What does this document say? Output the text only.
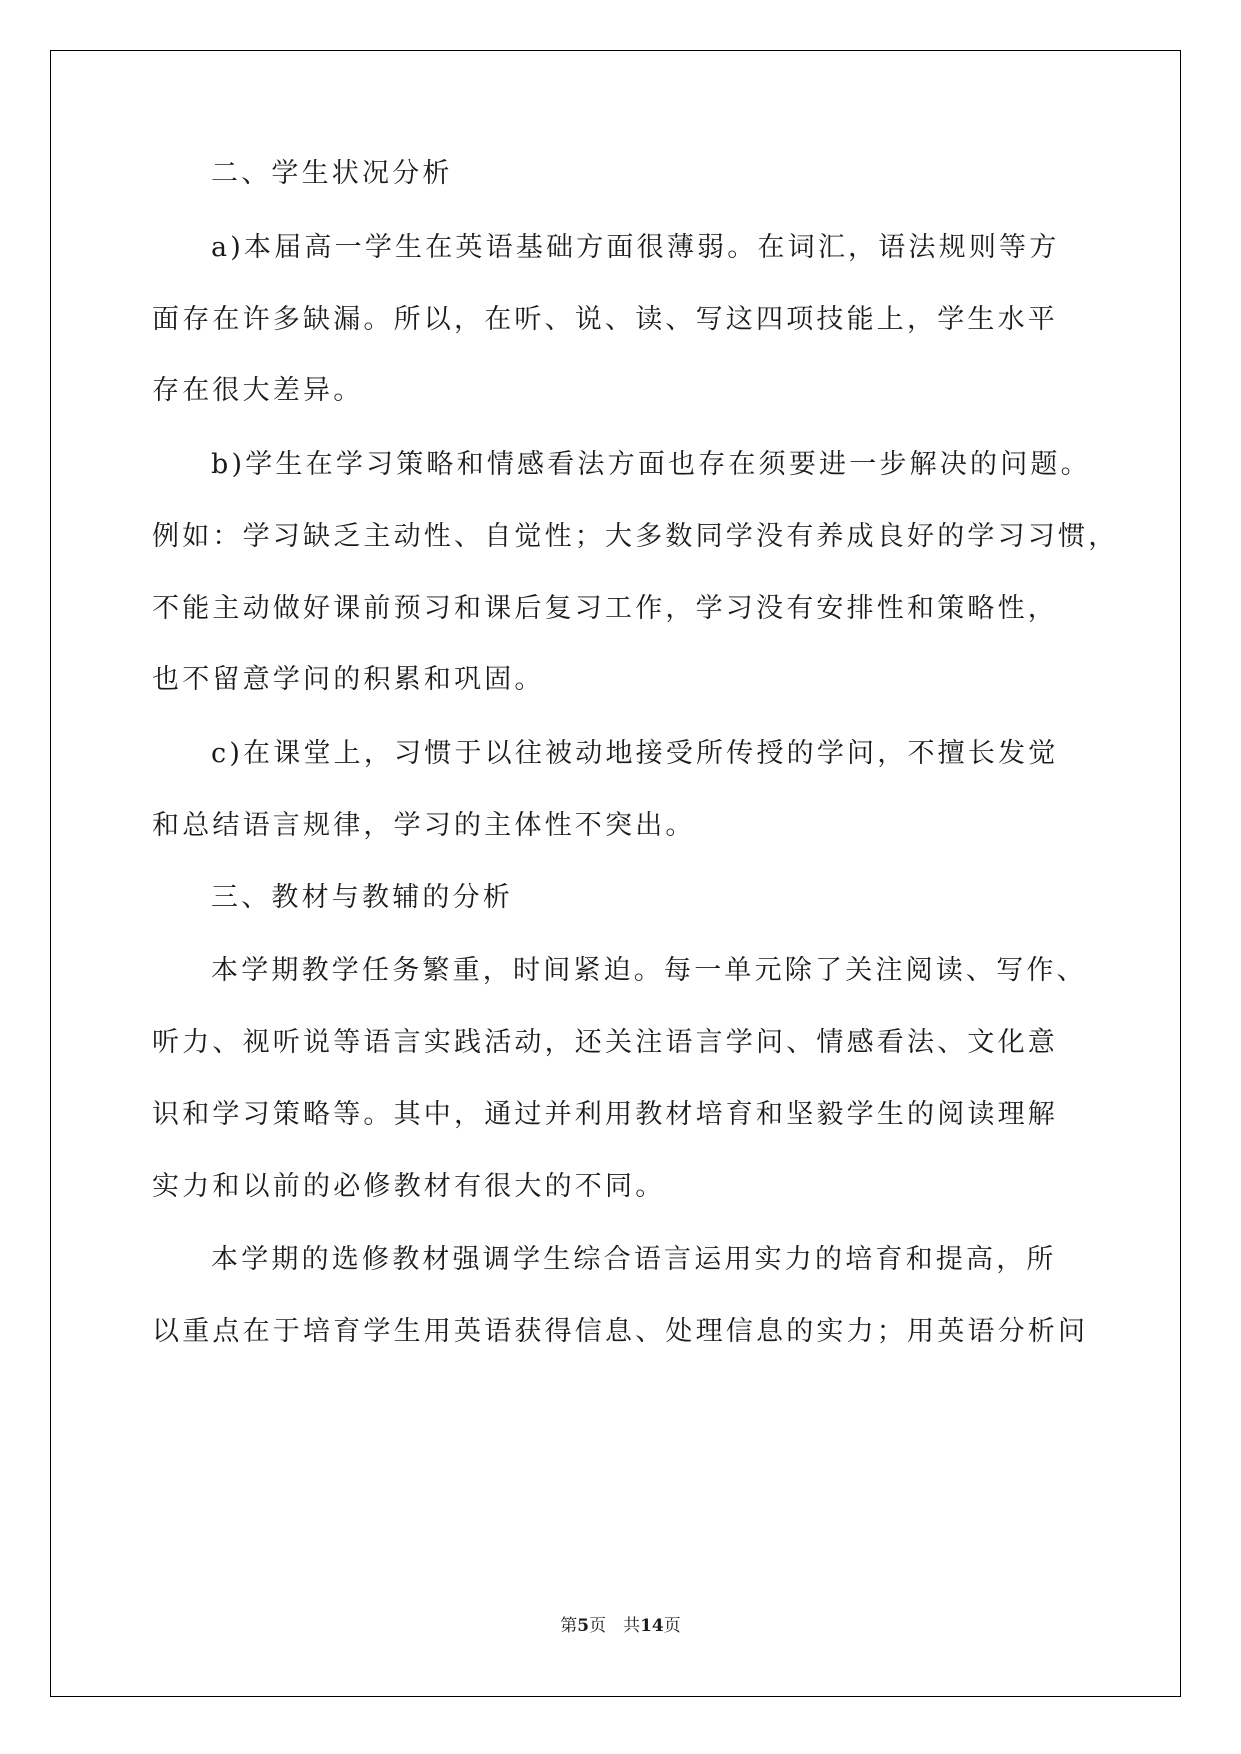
二、学生状况分析
a)本届高一学生在英语基础方面很薄弱。在词汇，语法规则等方
面存在许多缺漏。所以，在听、说、读、写这四项技能上，学生水平
存在很大差异。
b)学生在学习策略和情感看法方面也存在须要进一步解决的问题。
例如：学习缺乏主动性、自觉性；大多数同学没有养成良好的学习习惯，
不能主动做好课前预习和课后复习工作，学习没有安排性和策略性，
也不留意学问的积累和巩固。
c)在课堂上，习惯于以往被动地接受所传授的学问，不擅长发觉
和总结语言规律，学习的主体性不突出。
三、教材与教辅的分析
本学期教学任务繁重，时间紧迫。每一单元除了关注阅读、写作、
听力、视听说等语言实践活动，还关注语言学问、情感看法、文化意
识和学习策略等。其中，通过并利用教材培育和坚毅学生的阅读理解
实力和以前的必修教材有很大的不同。
本学期的选修教材强调学生综合语言运用实力的培育和提高，所
以重点在于培育学生用英语获得信息、处理信息的实力；用英语分析问
第5页　共14页
